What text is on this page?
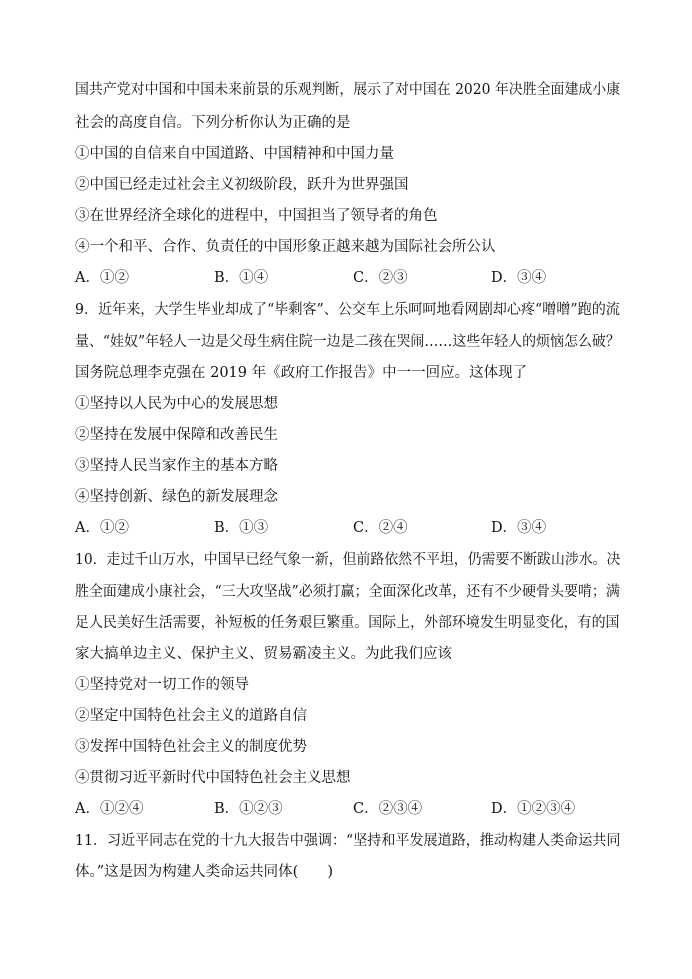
国共产党对中国和中国未来前景的乐观判断，展示了对中国在 2020 年决胜全面建成小康
社会的高度自信。下列分析你认为正确的是
①中国的自信来自中国道路、中国精神和中国力量
②中国已经走过社会主义初级阶段，跃升为世界强国
③在世界经济全球化的进程中，中国担当了领导者的角色
④一个和平、合作、负责任的中国形象正越来越为国际社会所公认
A．①②	B．①④	C．②③	D．③④
9．近年来，大学生毕业却成了“毕剩客”、公交车上乐呵呵地看网剧却心疼“噌噌”跑的流
量、“娃奴”年轻人一边是父母生病住院一边是二孩在哭闹……这些年轻人的烦恼怎么破？
国务院总理李克强在 2019 年《政府工作报告》中一一回应。这体现了
①坚持以人民为中心的发展思想
②坚持在发展中保障和改善民生
③坚持人民当家作主的基本方略
④坚持创新、绿色的新发展理念
A．①②	B．①③	C．②④	D．③④
10．走过千山万水，中国早已经气象一新，但前路依然不平坦，仍需要不断跋山涉水。决
胜全面建成小康社会，“三大攻坚战”必须打赢；全面深化改革，还有不少硬骨头要啃；满
足人民美好生活需要，补短板的任务艰巨繁重。国际上，外部环境发生明显变化，有的国
家大搞单边主义、保护主义、贸易霸凌主义。为此我们应该
①坚持党对一切工作的领导
②坚定中国特色社会主义的道路自信
③发挥中国特色社会主义的制度优势
④贯彻习近平新时代中国特色社会主义思想
A．①②④	B．①②③	C．②③④	D．①②③④
11．习近平同志在党的十九大报告中强调：“坚持和平发展道路，推动构建人类命运共同
体。”这是因为构建人类命运共同体(　　)
